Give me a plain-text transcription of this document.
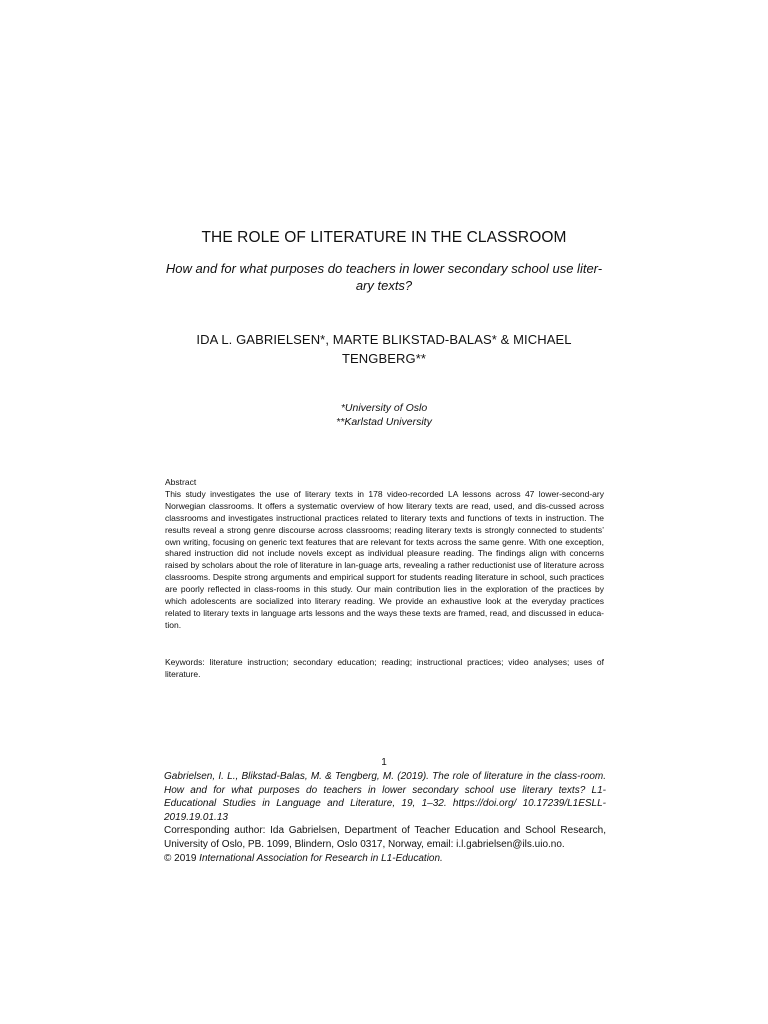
THE ROLE OF LITERATURE IN THE CLASSROOM
How and for what purposes do teachers in lower secondary school use liter-ary texts?
IDA L. GABRIELSEN*, MARTE BLIKSTAD-BALAS* & MICHAEL TENGBERG**
*University of Oslo
**Karlstad University
Abstract
This study investigates the use of literary texts in 178 video-recorded LA lessons across 47 lower-second-ary Norwegian classrooms. It offers a systematic overview of how literary texts are read, used, and dis-cussed across classrooms and investigates instructional practices related to literary texts and functions of texts in instruction. The results reveal a strong genre discourse across classrooms; reading literary texts is strongly connected to students’ own writing, focusing on generic text features that are relevant for texts across the same genre. With one exception, shared instruction did not include novels except as individual pleasure reading. The findings align with concerns raised by scholars about the role of literature in lan-guage arts, revealing a rather reductionist use of literature across classrooms. Despite strong arguments and empirical support for students reading literature in school, such practices are poorly reflected in class-rooms in this study. Our main contribution lies in the exploration of the practices by which adolescents are socialized into literary reading. We provide an exhaustive look at the everyday practices related to literary texts in language arts lessons and the ways these texts are framed, read, and discussed in educa-tion.
Keywords: literature instruction; secondary education; reading; instructional practices; video analyses; uses of literature.
1
Gabrielsen, I. L., Blikstad-Balas, M. & Tengberg, M. (2019). The role of literature in the class-room. How and for what purposes do teachers in lower secondary school use literary texts? L1-Educational Studies in Language and Literature, 19, 1–32. https://doi.org/ 10.17239/L1ESLL-2019.19.01.13
Corresponding author: Ida Gabrielsen, Department of Teacher Education and School Research, University of Oslo, PB. 1099, Blindern, Oslo 0317, Norway, email: i.l.gabrielsen@ils.uio.no.
© 2019 International Association for Research in L1-Education.
